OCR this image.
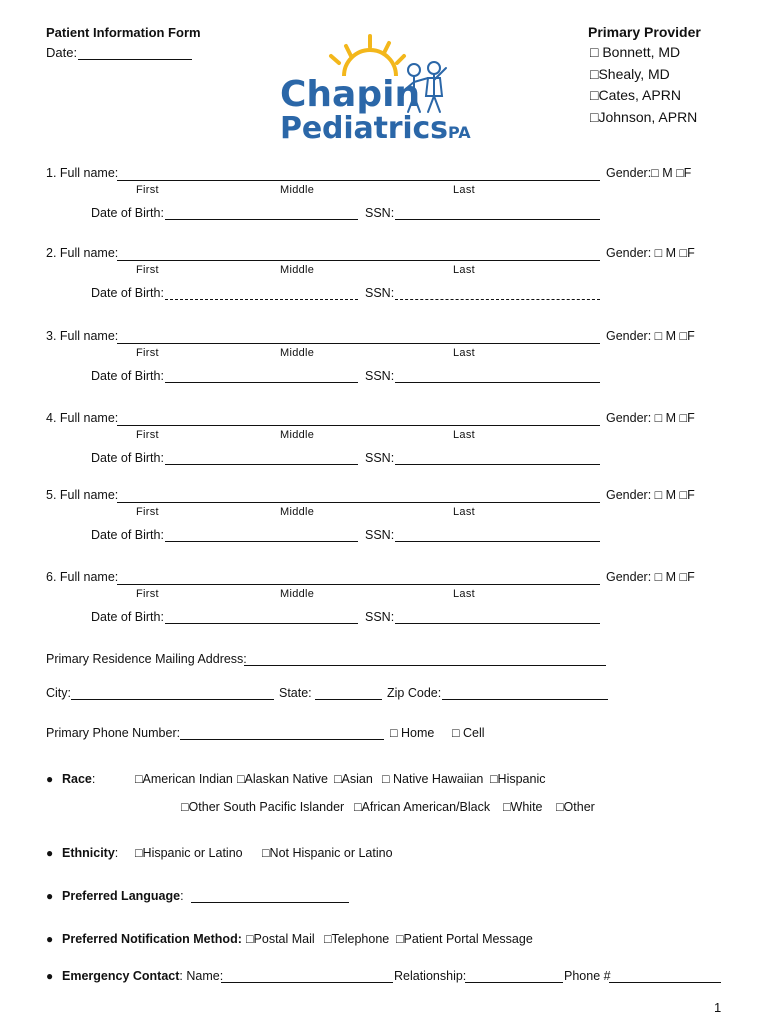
Patient Information Form
Date:
Primary Provider
□ Bonnett, MD
□Shealy, MD
□Cates, APRN
□Johnson, APRN
Chapin
Pediatrics PA
1. Full name:	Gender:□ M □F
First	Middle	Last
Date of Birth:	SSN:
2. Full name:	Gender: □ M □F
First	Middle	Last
Date of Birth:	SSN:
3. Full name:	Gender: □ M □F
First	Middle	Last
Date of Birth:	SSN:
4. Full name:	Gender: □ M □F
First	Middle	Last
Date of Birth:	SSN:
5. Full name:	Gender: □ M □F
First	Middle	Last
Date of Birth:	SSN:
6. Full name:	Gender: □ M □F
First	Middle	Last
Date of Birth:	SSN:
Primary Residence Mailing Address:
City:	State:	Zip Code:
Primary Phone Number:	□ Home □ Cell
● Race:	□American Indian □Alaskan Native □Asian □ Native Hawaiian □Hispanic
□Other South Pacific Islander □African American/Black □White □Other
● Ethnicity: □Hispanic or Latino □Not Hispanic or Latino
● Preferred Language:
● Preferred Notification Method: □Postal Mail □Telephone □Patient Portal Message
● Emergency Contact: Name:	Relationship:	Phone #
1
